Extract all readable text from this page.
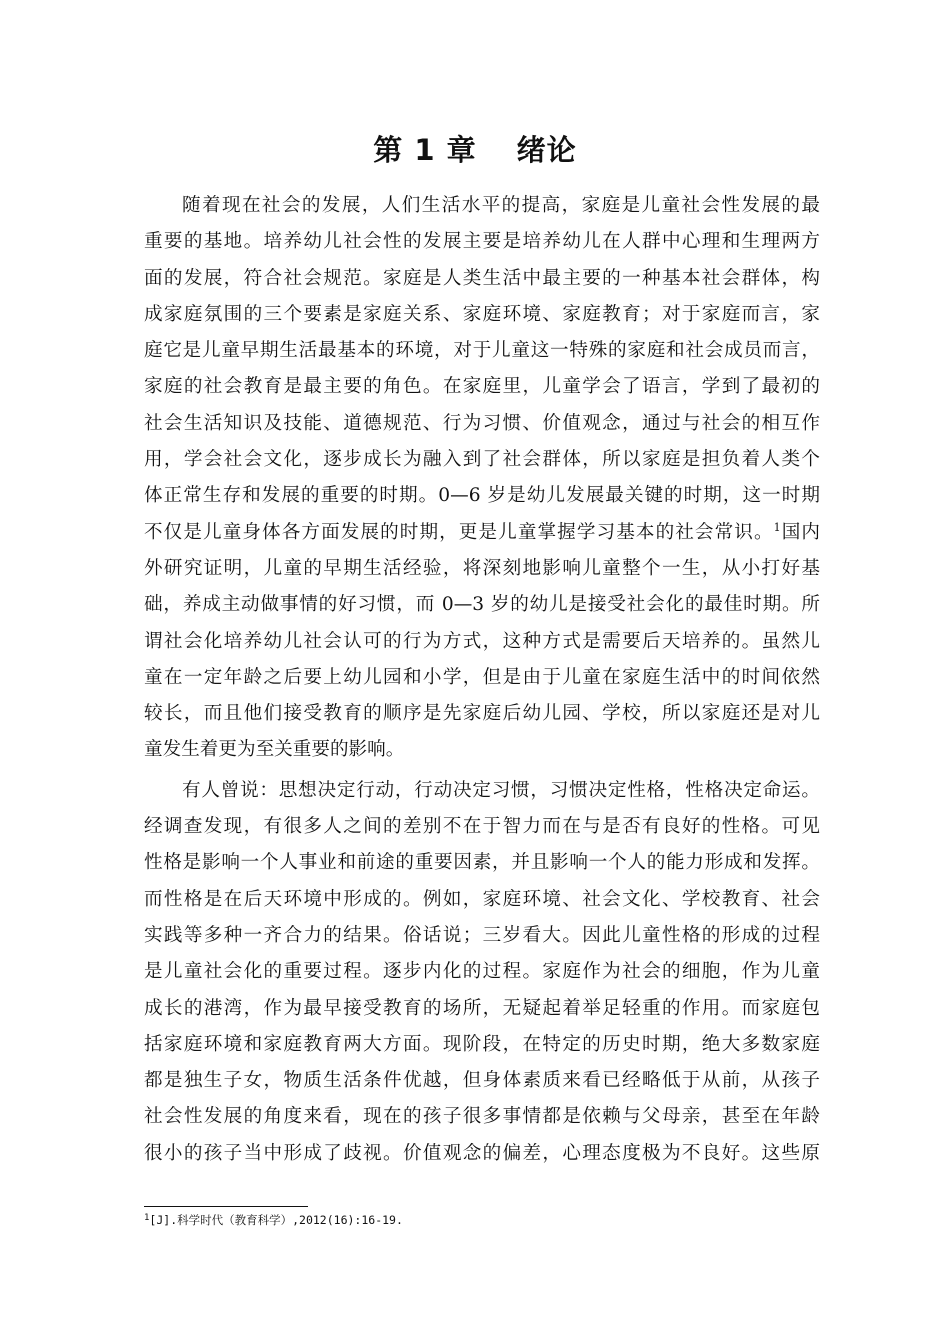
第 1 章 绪论
随着现在社会的发展，人们生活水平的提高，家庭是儿童社会性发展的最
重要的基地。培养幼儿社会性的发展主要是培养幼儿在人群中心理和生理两方
面的发展，符合社会规范。家庭是人类生活中最主要的一种基本社会群体，构
成家庭氛围的三个要素是家庭关系、家庭环境、家庭教育；对于家庭而言，家
庭它是儿童早期生活最基本的环境，对于儿童这一特殊的家庭和社会成员而言，
家庭的社会教育是最主要的角色。在家庭里，儿童学会了语言，学到了最初的
社会生活知识及技能、道德规范、行为习惯、价值观念，通过与社会的相互作
用，学会社会文化，逐步成长为融入到了社会群体，所以家庭是担负着人类个
体正常生存和发展的重要的时期。0—6 岁是幼儿发展最关键的时期，这一时期
不仅是儿童身体各方面发展的时期，更是儿童掌握学习基本的社会常识。$^1$国内
外研究证明，儿童的早期生活经验，将深刻地影响儿童整个一生，从小打好基
础，养成主动做事情的好习惯，而 0—3 岁的幼儿是接受社会化的最佳时期。所
谓社会化培养幼儿社会认可的行为方式，这种方式是需要后天培养的。虽然儿
童在一定年龄之后要上幼儿园和小学，但是由于儿童在家庭生活中的时间依然
较长，而且他们接受教育的顺序是先家庭后幼儿园、学校，所以家庭还是对儿
童发生着更为至关重要的影响。
有人曾说：思想决定行动，行动决定习惯，习惯决定性格，性格决定命运。
经调查发现，有很多人之间的差别不在于智力而在与是否有良好的性格。可见
性格是影响一个人事业和前途的重要因素，并且影响一个人的能力形成和发挥。
而性格是在后天环境中形成的。例如，家庭环境、社会文化、学校教育、社会
实践等多种一齐合力的结果。俗话说；三岁看大。因此儿童性格的形成的过程
是儿童社会化的重要过程。逐步内化的过程。家庭作为社会的细胞，作为儿童
成长的港湾，作为最早接受教育的场所，无疑起着举足轻重的作用。而家庭包
括家庭环境和家庭教育两大方面。现阶段，在特定的历史时期，绝大多数家庭
都是独生子女，物质生活条件优越，但身体素质来看已经略低于从前，从孩子
社会性发展的角度来看，现在的孩子很多事情都是依赖与父母亲，甚至在年龄
很小的孩子当中形成了歧视。价值观念的偏差，心理态度极为不良好。这些原
$^1$[J].科学时代（教育科学）,2012(16):16-19.
